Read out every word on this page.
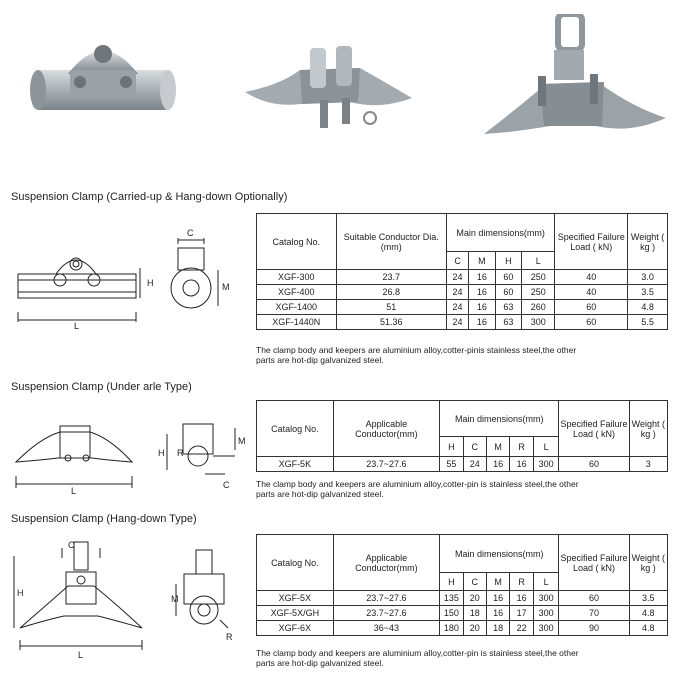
Suspension Clamp (Carried-up & Hang-down Optionally)
H
L
C
M
Catalog No.	Suitable Conductor Dia.(mm)	Main dimensions(mm)				Specified Failure Load ( kN)	Weight ( kg )
		C	M	H	L		
XGF-300	23.7	24	16	60	250	40	3.0
XGF-400	26.8	24	16	60	250	40	3.5
XGF-1400	51	24	16	63	260	60	4.8
XGF-1440N	51.36	24	16	63	300	60	5.5
The clamp body and keepers are aluminium alloy,cotter-pinis stainless steel,the other
parts are hot-dip galvanized steel.
Suspension Clamp (Under arle Type)
L
H R
M
C
Catalog No.	Applicable Conductor(mm)	Main dimensions(mm)					Specified Failure Load ( kN)	Weight ( kg )
		H	C	M	R	L		
XGF-5K	23.7~27.6	55	24	16	16	300	60	3
The clamp body and keepers are aluminium alloy,cotter-pin is stainless steel,the other
parts are hot-dip galvanized steel.
Suspension Clamp (Hang-down Type)
C
H
L
M
R
Catalog No.	Applicable Conductor(mm)	Main dimensions(mm)					Specified Failure Load ( kN)	Weight ( kg )
		H	C	M	R	L		
XGF-5X	23.7~27.6	135	20	16	16	300	60	3.5
XGF-5X/GH	23.7~27.6	150	18	16	17	300	70	4.8
XGF-6X	36~43	180	20	18	22	300	90	4.8
The clamp body and keepers are aluminium alloy,cotter-pin is stainless steel,the other
parts are hot-dip galvanized steel.
